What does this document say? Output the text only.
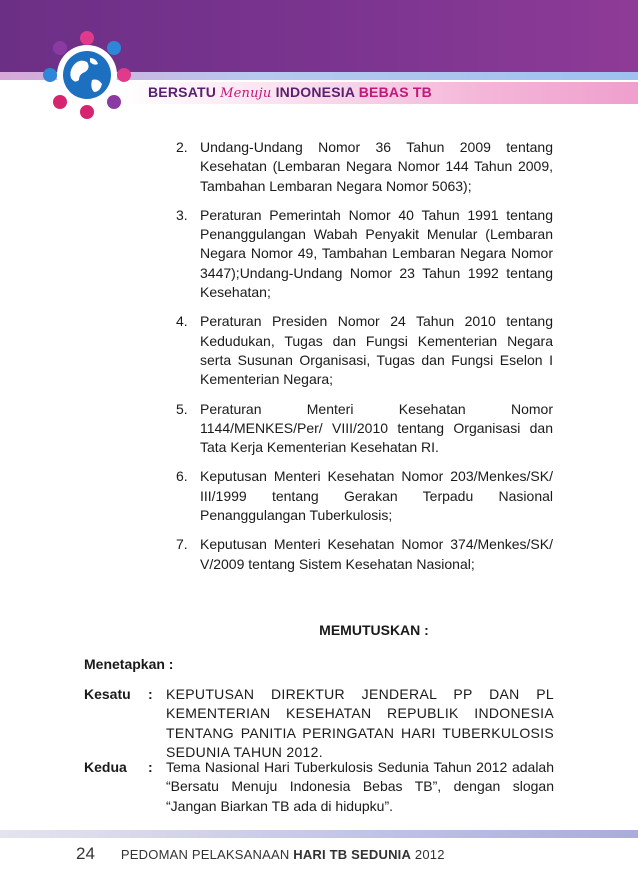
BERSATU Menuju INDONESIA BEBAS TB
2. Undang-Undang Nomor 36 Tahun 2009 tentang Kesehatan (Lembaran Negara Nomor 144 Tahun 2009, Tambahan Lembaran Negara Nomor 5063);
3. Peraturan Pemerintah Nomor 40 Tahun 1991 tentang Penanggulangan Wabah Penyakit Menular (Lembaran Negara Nomor 49, Tambahan Lembaran Negara Nomor 3447);Undang-Undang Nomor 23 Tahun 1992 tentang Kesehatan;
4. Peraturan Presiden Nomor 24 Tahun 2010 tentang Kedudukan, Tugas dan Fungsi Kementerian Negara serta Susunan Organisasi, Tugas dan Fungsi Eselon I Kementerian Negara;
5. Peraturan Menteri Kesehatan Nomor 1144/MENKES/Per/ VIII/2010 tentang Organisasi dan Tata Kerja Kementerian Kesehatan RI.
6. Keputusan Menteri Kesehatan Nomor 203/Menkes/SK/ III/1999 tentang Gerakan Terpadu Nasional Penanggulangan Tuberkulosis;
7. Keputusan Menteri Kesehatan Nomor 374/Menkes/SK/ V/2009 tentang Sistem Kesehatan Nasional;
MEMUTUSKAN :
Menetapkan :
Kesatu : KEPUTUSAN DIREKTUR JENDERAL PP DAN PL KEMENTERIAN KESEHATAN REPUBLIK INDONESIA TENTANG PANITIA PERINGATAN HARI TUBERKULOSIS SEDUNIA TAHUN 2012.
Kedua : Tema Nasional Hari Tuberkulosis Sedunia Tahun 2012 adalah “Bersatu Menuju Indonesia Bebas TB”, dengan slogan “Jangan Biarkan TB ada di hidupku”.
24 PEDOMAN PELAKSANAAN HARI TB SEDUNIA 2012
